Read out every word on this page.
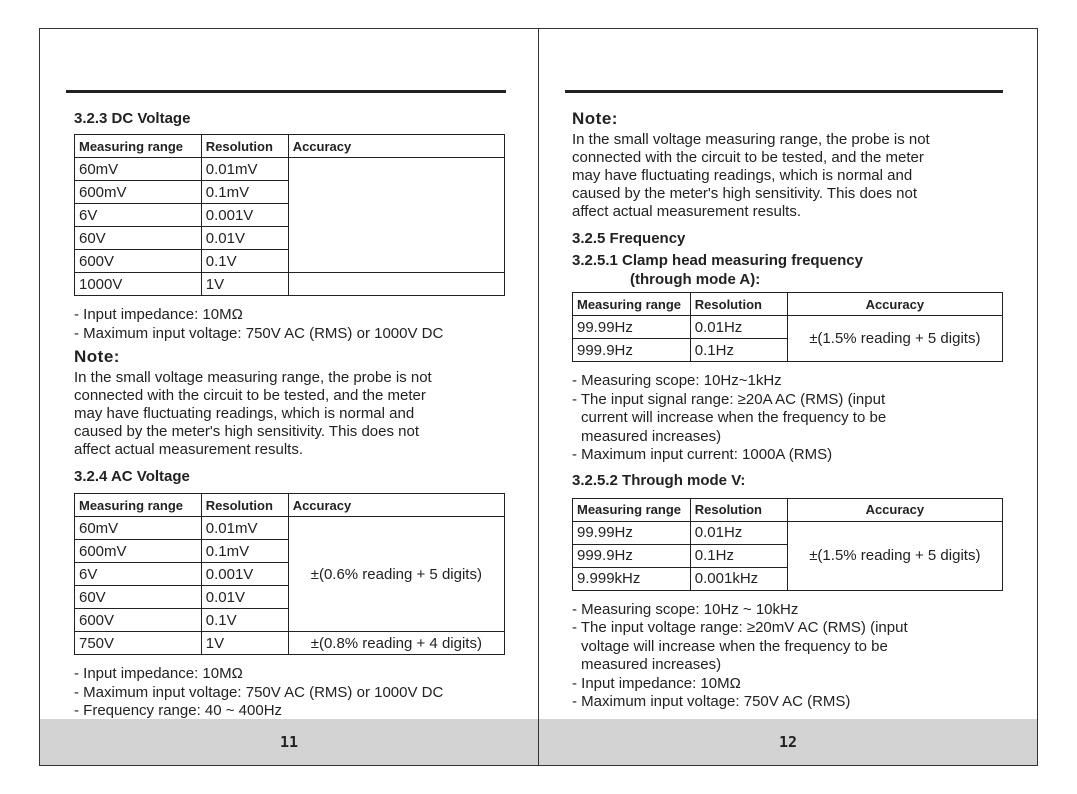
3.2.3 DC Voltage

Measuring range	Resolution	Accuracy
60mV	0.01mV	
600mV	0.1mV	
6V	0.001V	
60V	0.01V	
600V	0.1V	
1000V	1V	

- Input impedance: 10MΩ

- Maximum input voltage: 750V AC (RMS) or 1000V DC

Note:

In the small voltage measuring range, the probe is not

connected with the circuit to be tested, and the meter

may have fluctuating readings, which is normal and

caused by the meter's high sensitivity. This does not

affect actual measurement results.

3.2.4 AC Voltage

Measuring range	Resolution	Accuracy
60mV	0.01mV	±(0.6% reading + 5 digits)
600mV	0.1mV	
6V	0.001V	
60V	0.01V	
600V	0.1V	
750V	1V	±(0.8% reading + 4 digits)

- Input impedance: 10MΩ

- Maximum input voltage: 750V AC (RMS) or 1000V DC

- Frequency range: 40 ~ 400Hz

11

Note:

In the small voltage measuring range, the probe is not

connected with the circuit to be tested, and the meter

may have fluctuating readings, which is normal and

caused by the meter's high sensitivity. This does not

affect actual measurement results.

3.2.5 Frequency

3.2.5.1 Clamp head measuring frequency

(through mode A):

Measuring range	Resolution	Accuracy
99.99Hz	0.01Hz	±(1.5% reading + 5 digits)
999.9Hz	0.1Hz	

- Measuring scope: 10Hz~1kHz

- The input signal range: ≥20A AC (RMS) (input

current will increase when the frequency to be

measured increases)

- Maximum input current: 1000A (RMS)

3.2.5.2 Through mode V:

Measuring range	Resolution	Accuracy
99.99Hz	0.01Hz	±(1.5% reading + 5 digits)
999.9Hz	0.1Hz	
9.999kHz	0.001kHz	

- Measuring scope: 10Hz ~ 10kHz

- The input voltage range: ≥20mV AC (RMS) (input

voltage will increase when the frequency to be

measured increases)

- Input impedance: 10MΩ

- Maximum input voltage: 750V AC (RMS)

12
